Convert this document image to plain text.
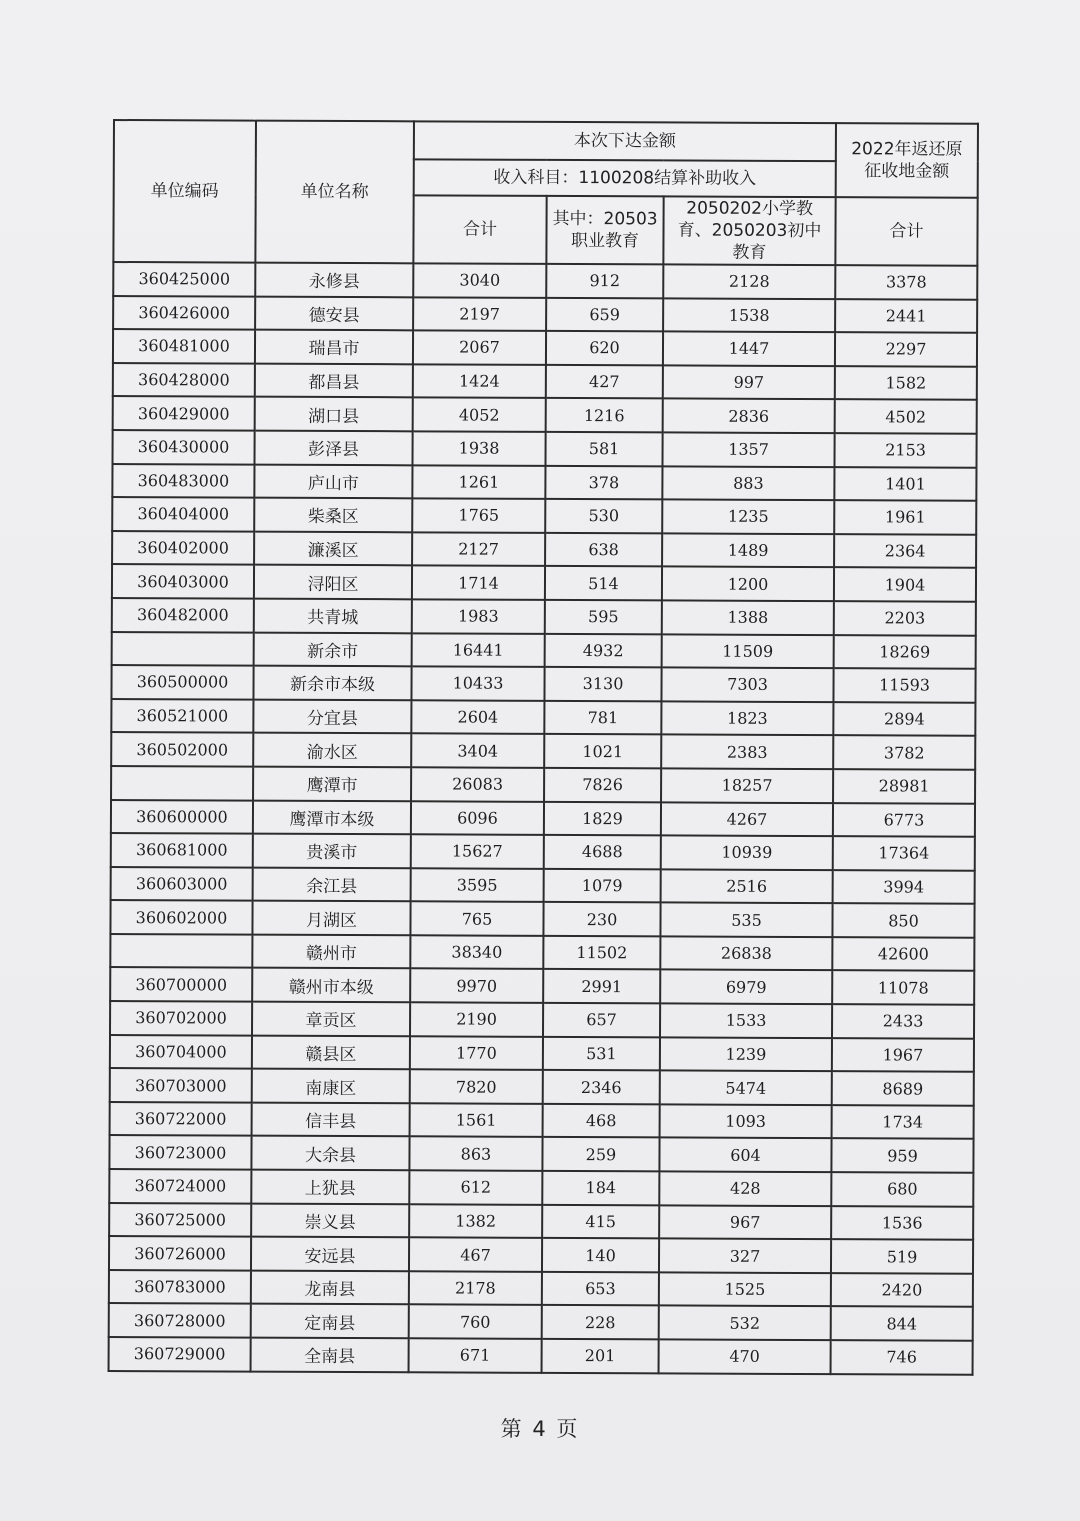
单位编码	单位名称	本次下达金额			2022年返还原征收地金额

		收入科目：1100208结算补助收入			
		合计	其中：20503职业教育	2050202小学教育、2050203初中教育	合计
360425000	永修县	3040	912	2128	3378
360426000	德安县	2197	659	1538	2441
360481000	瑞昌市	2067	620	1447	2297
360428000	都昌县	1424	427	997	1582
360429000	湖口县	4052	1216	2836	4502
360430000	彭泽县	1938	581	1357	2153
360483000	庐山市	1261	378	883	1401
360404000	柴桑区	1765	530	1235	1961
360402000	濂溪区	2127	638	1489	2364
360403000	浔阳区	1714	514	1200	1904
360482000	共青城	1983	595	1388	2203
	新余市	16441	4932	11509	18269
360500000	新余市本级	10433	3130	7303	11593
360521000	分宜县	2604	781	1823	2894
360502000	渝水区	3404	1021	2383	3782
	鹰潭市	26083	7826	18257	28981
360600000	鹰潭市本级	6096	1829	4267	6773
360681000	贵溪市	15627	4688	10939	17364
360603000	余江县	3595	1079	2516	3994
360602000	月湖区	765	230	535	850
	赣州市	38340	11502	26838	42600
360700000	赣州市本级	9970	2991	6979	11078
360702000	章贡区	2190	657	1533	2433
360704000	赣县区	1770	531	1239	1967
360703000	南康区	7820	2346	5474	8689
360722000	信丰县	1561	468	1093	1734
360723000	大余县	863	259	604	959
360724000	上犹县	612	184	428	680
360725000	崇义县	1382	415	967	1536
360726000	安远县	467	140	327	519
360783000	龙南县	2178	653	1525	2420
360728000	定南县	760	228	532	844
360729000	全南县	671	201	470	746
第 4 页
